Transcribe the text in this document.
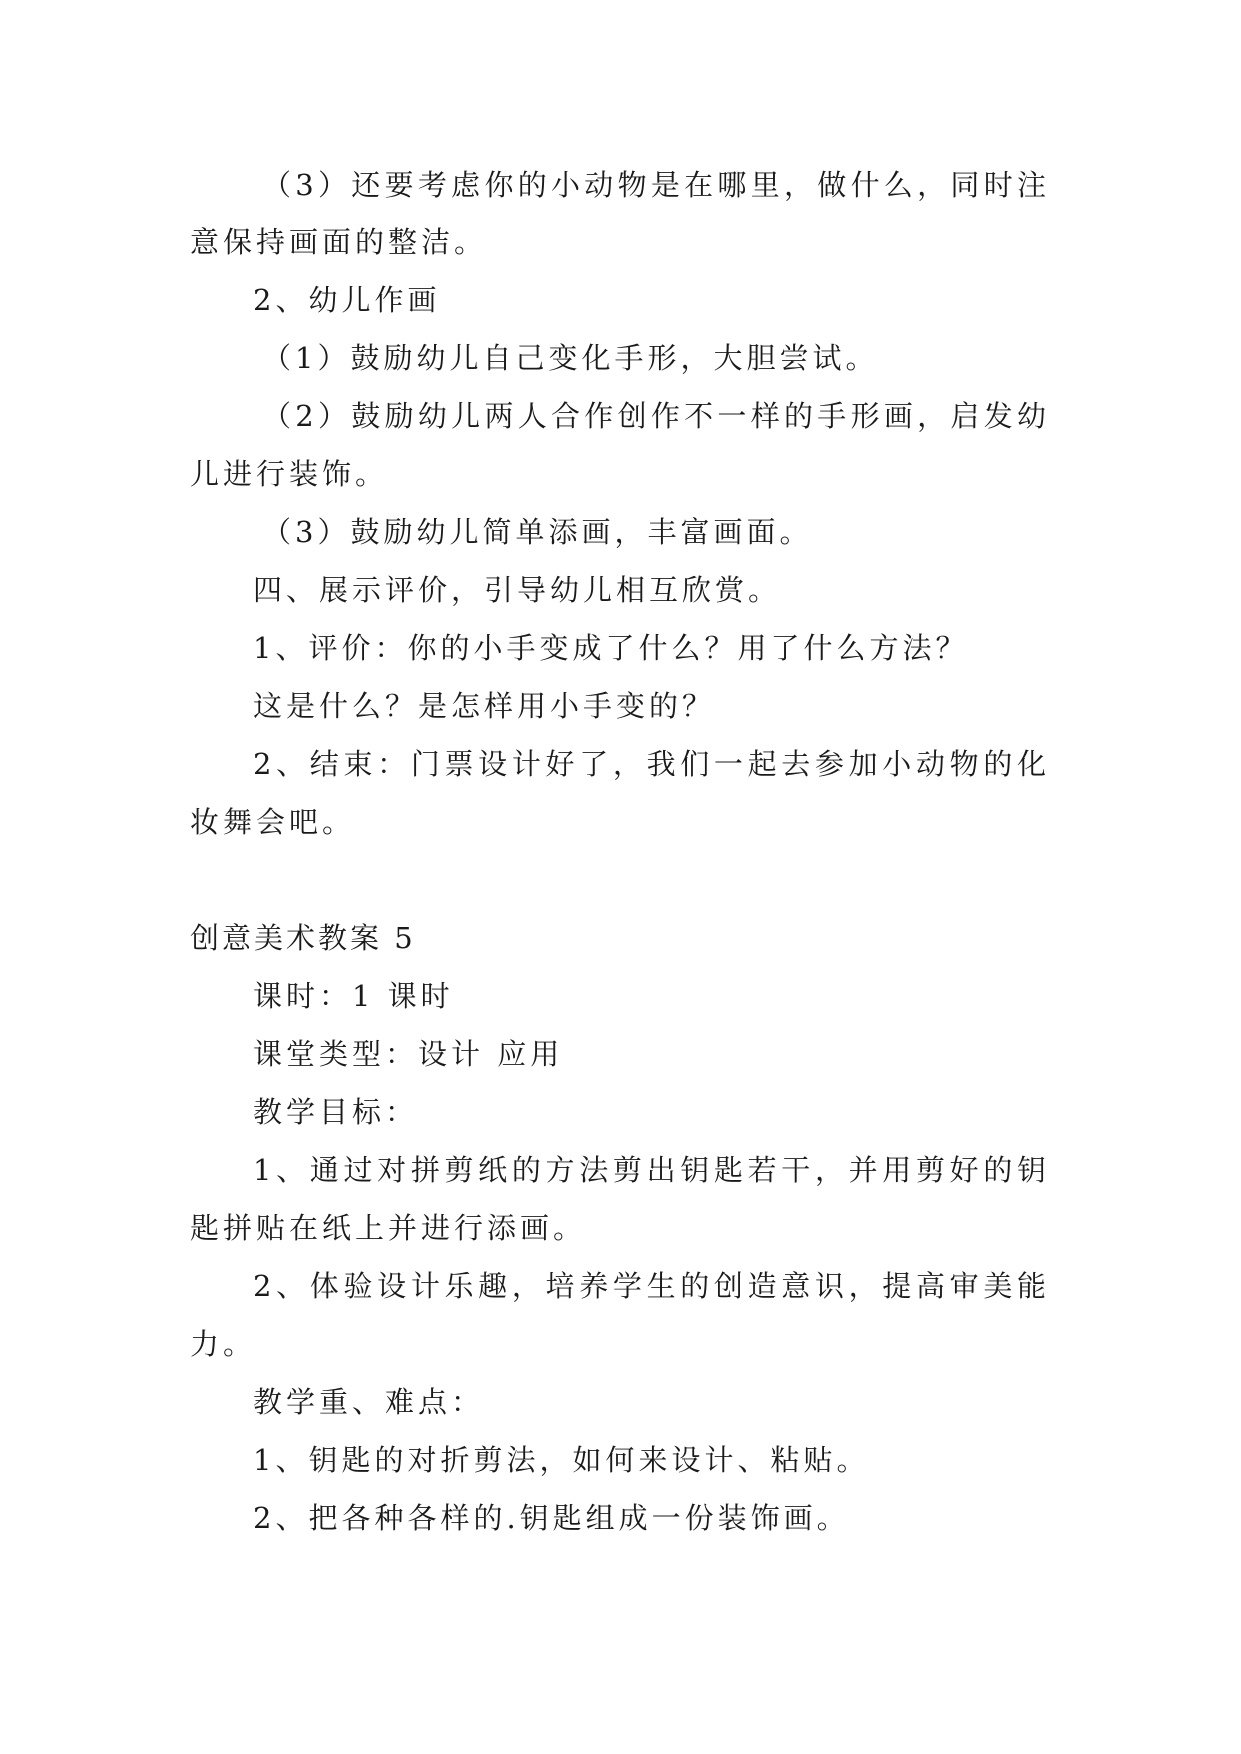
（3）还要考虑你的小动物是在哪里，做什么，同时注
意保持画面的整洁。
2、幼儿作画
（1）鼓励幼儿自己变化手形，大胆尝试。
（2）鼓励幼儿两人合作创作不一样的手形画，启发幼
儿进行装饰。
（3）鼓励幼儿简单添画，丰富画面。
四、展示评价，引导幼儿相互欣赏。
1、评价：你的小手变成了什么？用了什么方法？
这是什么？是怎样用小手变的？
2、结束：门票设计好了，我们一起去参加小动物的化
妆舞会吧。
创意美术教案 5
课时：1 课时
课堂类型：设计 应用
教学目标：
1、通过对拼剪纸的方法剪出钥匙若干，并用剪好的钥
匙拼贴在纸上并进行添画。
2、体验设计乐趣，培养学生的创造意识，提高审美能
力。
教学重、难点：
1、钥匙的对折剪法，如何来设计、粘贴。
2、把各种各样的.钥匙组成一份装饰画。
